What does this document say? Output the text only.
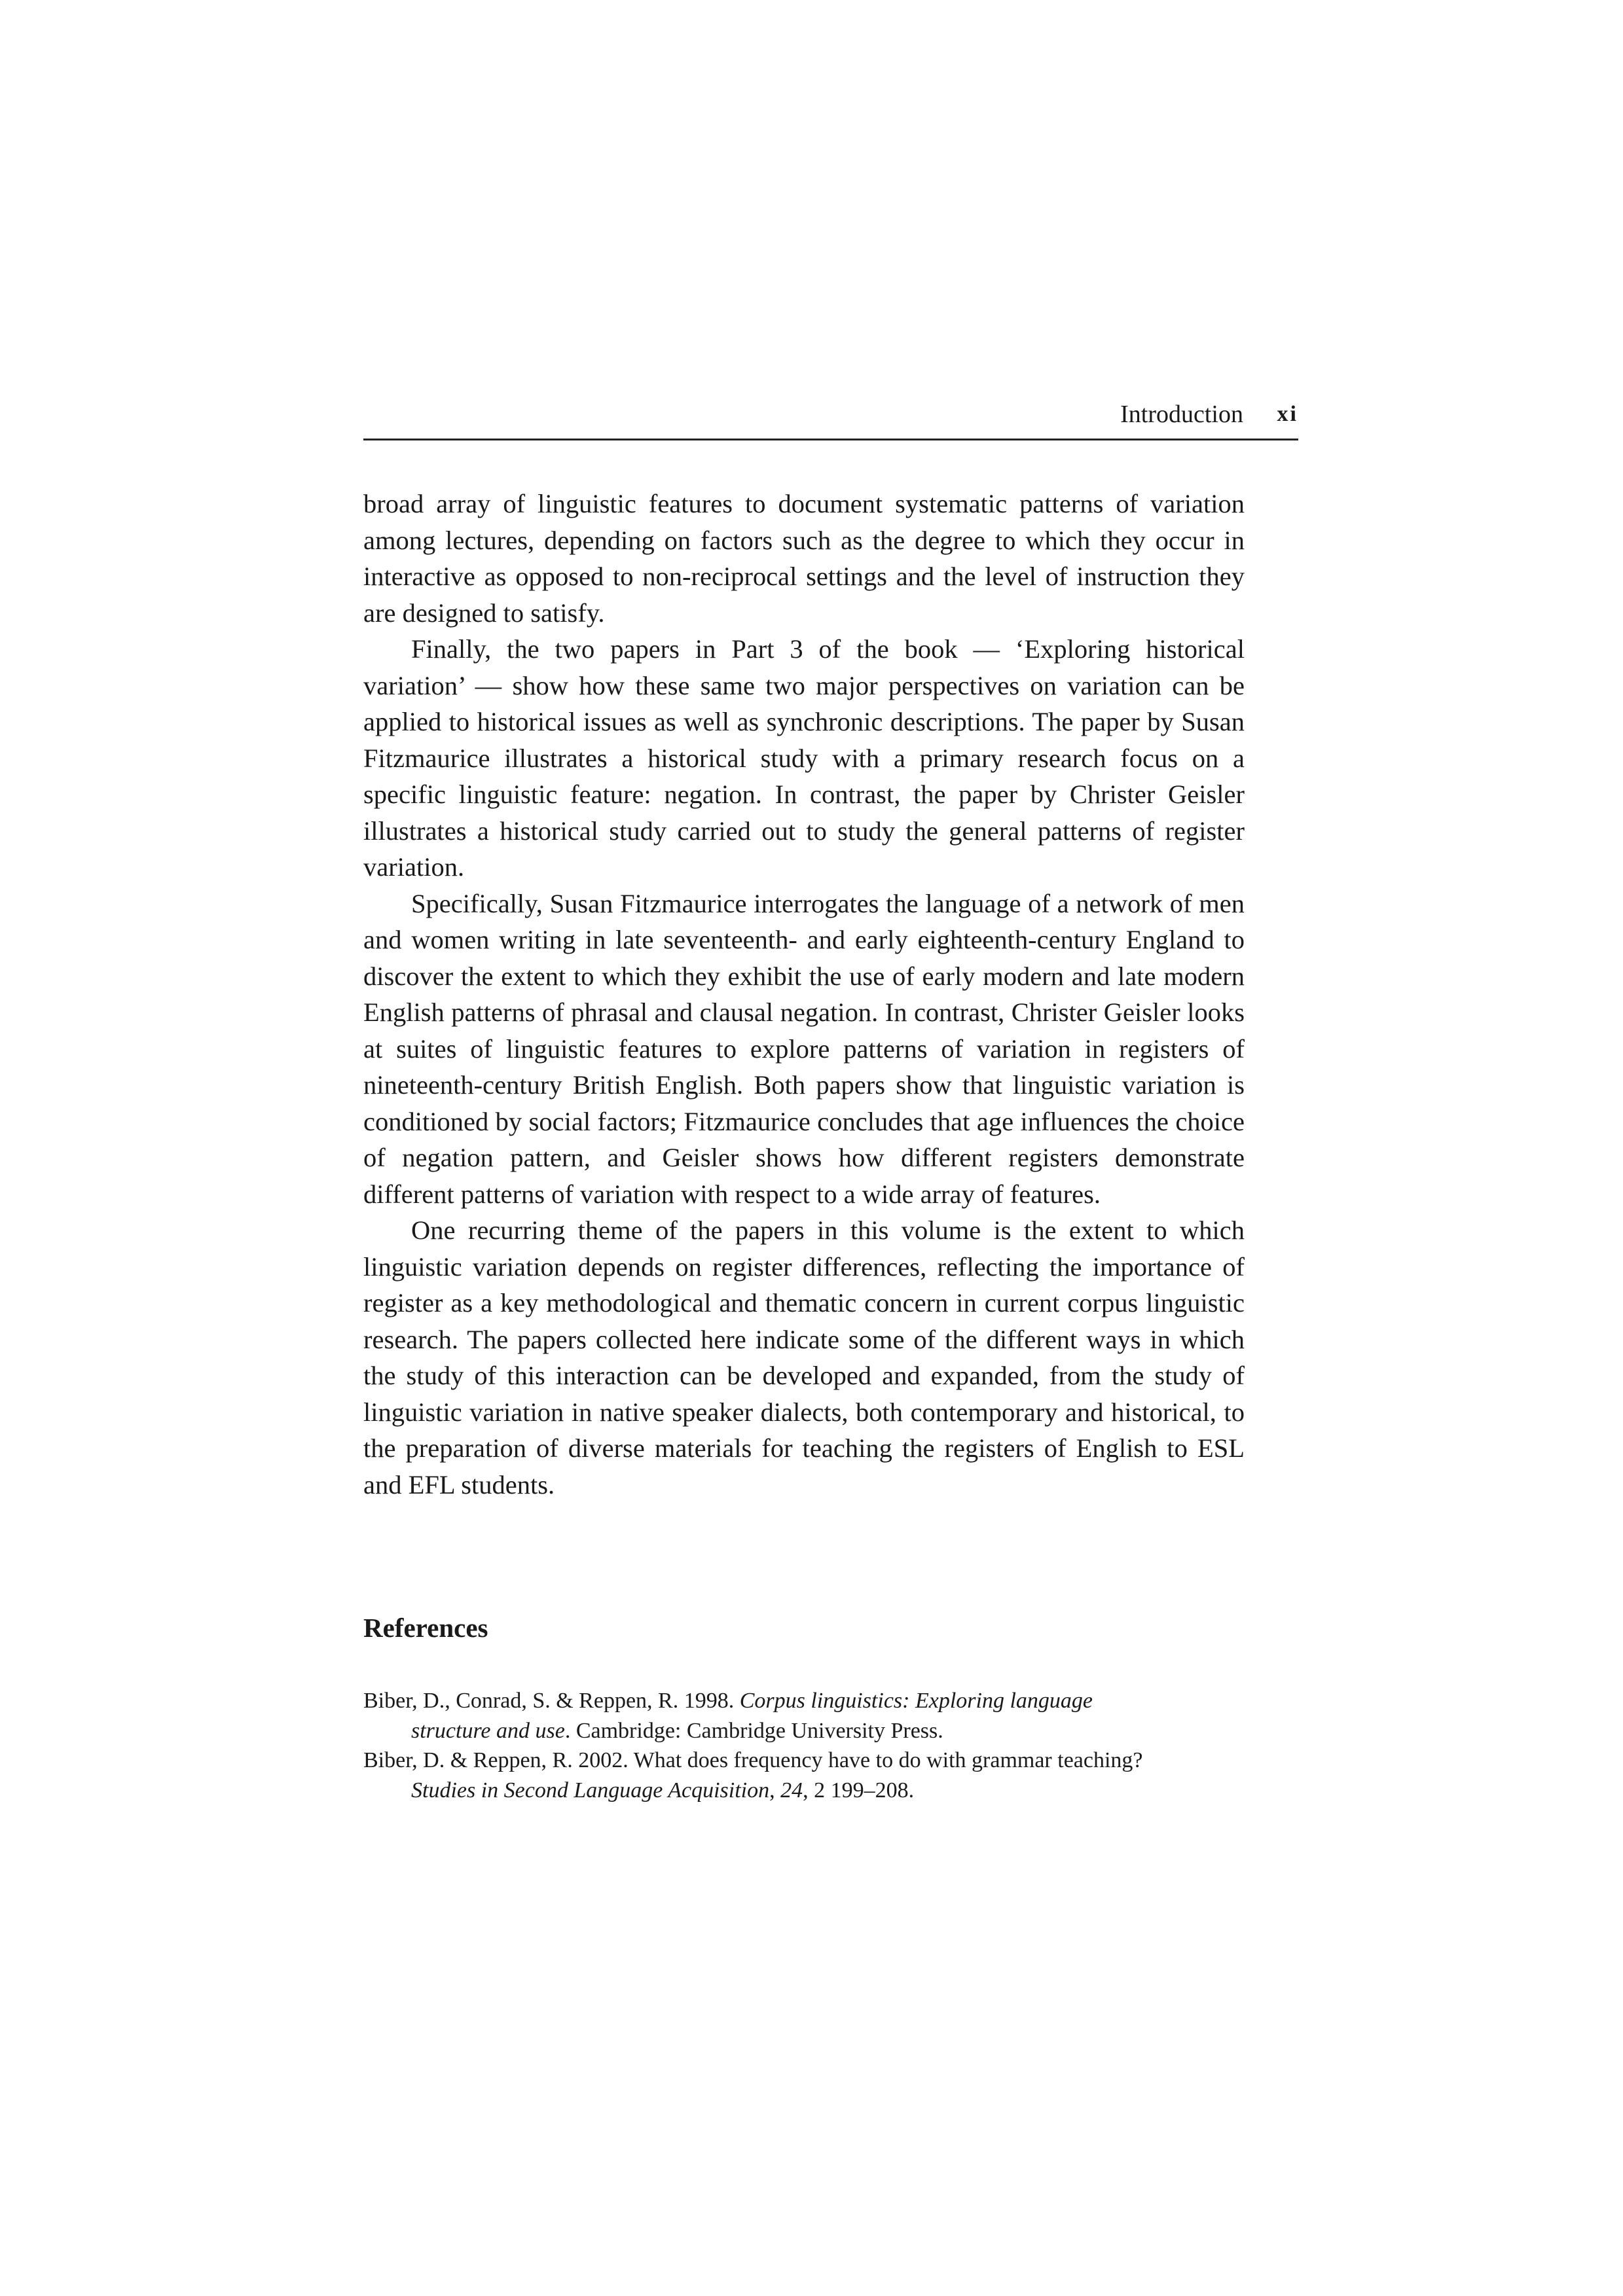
Introduction xi

broad array of linguistic features to document systematic patterns of variation among lectures, depending on factors such as the degree to which they occur in interactive as opposed to non-reciprocal settings and the level of instruction they are designed to satisfy.

Finally, the two papers in Part 3 of the book — ‘Exploring historical variation’ — show how these same two major perspectives on variation can be applied to historical issues as well as synchronic descriptions. The paper by Susan Fitzmaurice illustrates a historical study with a primary research focus on a specific linguistic feature: negation. In contrast, the paper by Christer Geisler illustrates a historical study carried out to study the general patterns of register variation.

Specifically, Susan Fitzmaurice interrogates the language of a network of men and women writing in late seventeenth- and early eighteenth-century England to discover the extent to which they exhibit the use of early modern and late modern English patterns of phrasal and clausal negation. In contrast, Christer Geisler looks at suites of linguistic features to explore patterns of variation in registers of nineteenth-century British English. Both papers show that linguistic variation is conditioned by social factors; Fitzmaurice concludes that age influences the choice of negation pattern, and Geisler shows how different registers demonstrate different patterns of variation with respect to a wide array of features.

One recurring theme of the papers in this volume is the extent to which linguistic variation depends on register differences, reflecting the importance of register as a key methodological and thematic concern in current corpus linguistic research. The papers collected here indicate some of the different ways in which the study of this interaction can be developed and expanded, from the study of linguistic variation in native speaker dialects, both contemporary and historical, to the preparation of diverse materials for teaching the registers of English to ESL and EFL students.

References

Biber, D., Conrad, S. & Reppen, R. 1998. Corpus linguistics: Exploring language structure and use. Cambridge: Cambridge University Press.

Biber, D. & Reppen, R. 2002. What does frequency have to do with grammar teaching? Studies in Second Language Acquisition, 24, 2 199–208.
